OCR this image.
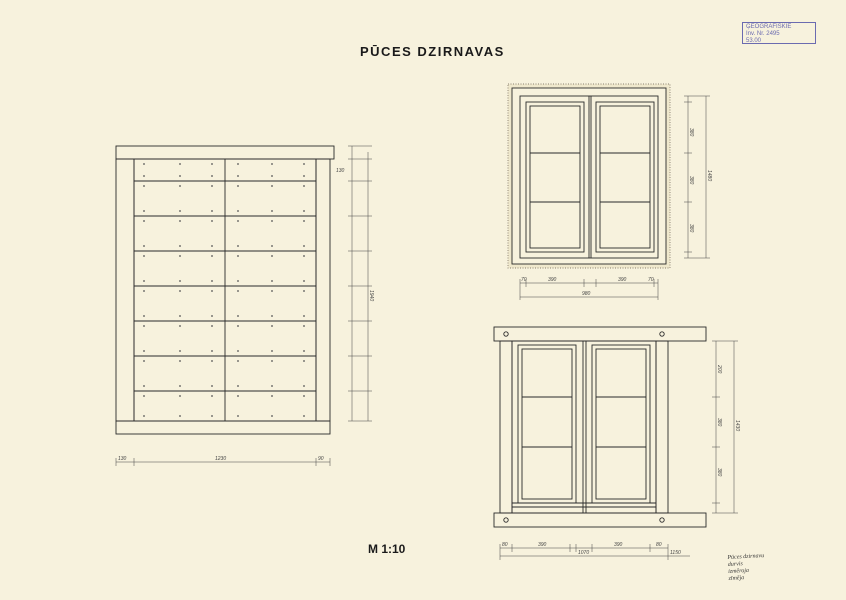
130	1230	90
130
1940
70	390	390	70
980
380
380
380
1480
80	390	390	80
1070	1150
200
380
380
1430
PŪCES DZIRNAVAS
M 1:10
ĢEOGRĀFISKIE
Inv. Nr. 2495
53.00
Pūces dzirnavu
durvis
izmēroja
zīmēja
